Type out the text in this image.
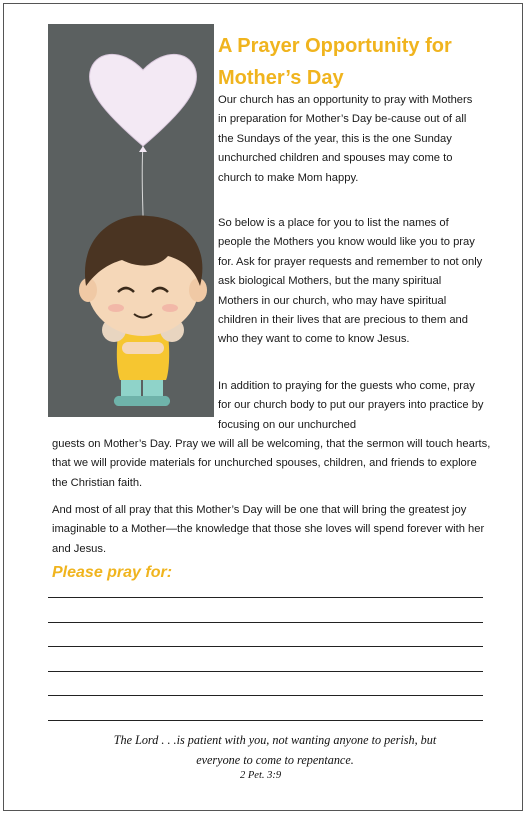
A Prayer Opportunity for Mother’s Day

Our church has an opportunity to pray with Mothers in preparation for Mother’s Day be-cause out of all the Sundays of the year, this is the one Sunday unchurched children and spouses may come to church to make Mom happy.

So below is a place for you to list the names of people the Mothers you know would like you to pray for. Ask for prayer requests and remember to not only ask biological Mothers, but the many spiritual Mothers in our church, who may have spiritual children in their lives that are precious to them and who they want to come to know Jesus.

In addition to praying for the guests who come, pray for our church body to put our prayers into practice by focusing on our unchurched

guests on Mother’s Day. Pray we will all be welcoming, that the sermon will touch hearts, that we will provide materials for unchurched spouses, children, and friends to explore the Christian faith.

And most of all pray that this Mother’s Day will be one that will bring the greatest joy imaginable to a Mother—the knowledge that those she loves will spend forever with her and Jesus.

Please pray for:
The Lord . . .is patient with you, not wanting anyone to perish, but everyone to come to repentance.
2 Pet. 3:9
